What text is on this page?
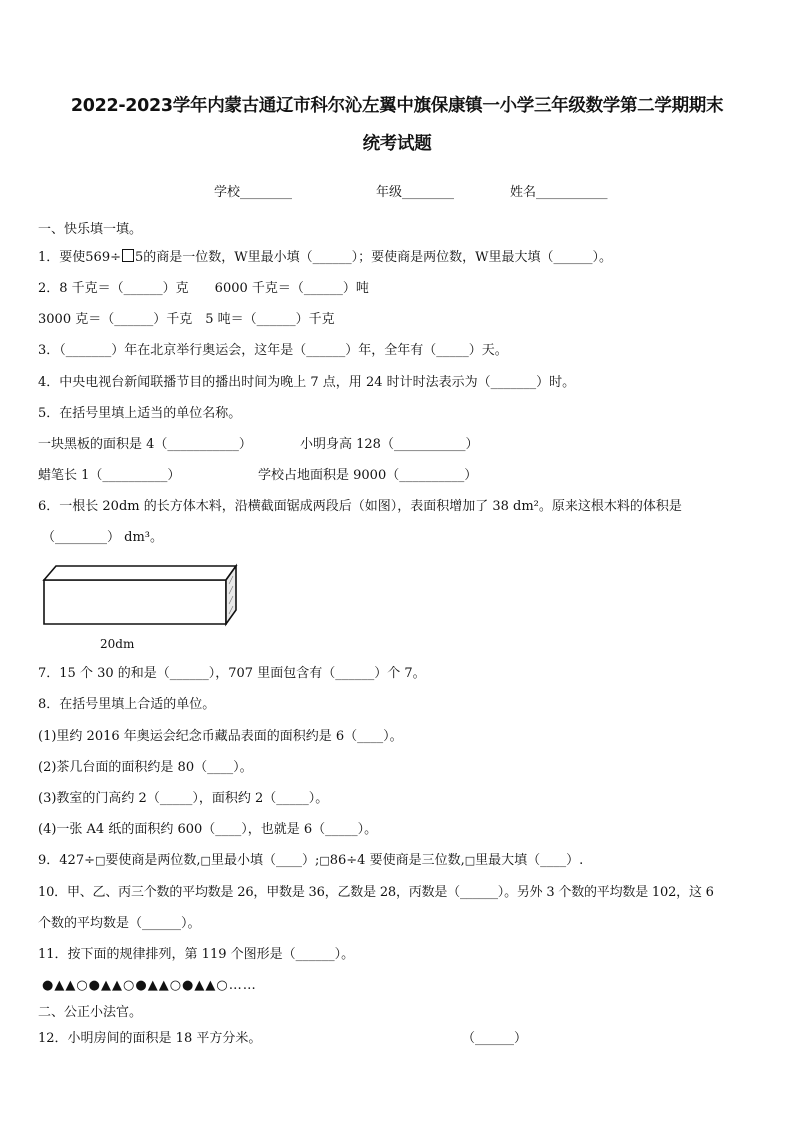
2022-2023学年内蒙古通辽市科尔沁左翼中旗保康镇一小学三年级数学第二学期期末
统考试题
学校________	年级________	姓名___________
一、快乐填一填。
1．要使569÷ 5的商是一位数，W里最小填（______）；要使商是两位数，W里最大填（______）。
2．8 千克＝（______）克　　6000 千克＝（______）吨
3000 克＝（______）千克　5 吨＝（______）千克
3．（_______）年在北京举行奥运会，这年是（______）年，全年有（_____）天。
4．中央电视台新闻联播节目的播出时间为晚上 7 点，用 24 时计时法表示为（_______）时。
5．在括号里填上适当的单位名称。
一块黑板的面积是 4（___________）	小明身高 128（___________）
蜡笔长 1（__________）	学校占地面积是 9000（__________）
6．一根长 20dm 的长方体木料，沿横截面锯成两段后（如图），表面积增加了 38 dm²。原来这根木料的体积是
（________） dm³。
20dm
7．15 个 30 的和是（______），707 里面包含有（______）个 7。
8．在括号里填上合适的单位。
(1)里约 2016 年奥运会纪念币藏品表面的面积约是 6（____）。
(2)茶几台面的面积约是 80（____）。
(3)教室的门高约 2（_____），面积约 2（_____）。
(4)一张 A4 纸的面积约 600（____），也就是 6（_____）。
9．427÷□要使商是两位数,□里最小填（____）;□86÷4 要使商是三位数,□里最大填（____）.
10．甲、乙、丙三个数的平均数是 26，甲数是 36，乙数是 28，丙数是（______）。另外 3 个数的平均数是 102，这 6
个数的平均数是（______）。
11．按下面的规律排列，第 119 个图形是（______）。
●▲▲○●▲▲○●▲▲○●▲▲○……
二、公正小法官。
12．小明房间的面积是 18 平方分米。	（______）
